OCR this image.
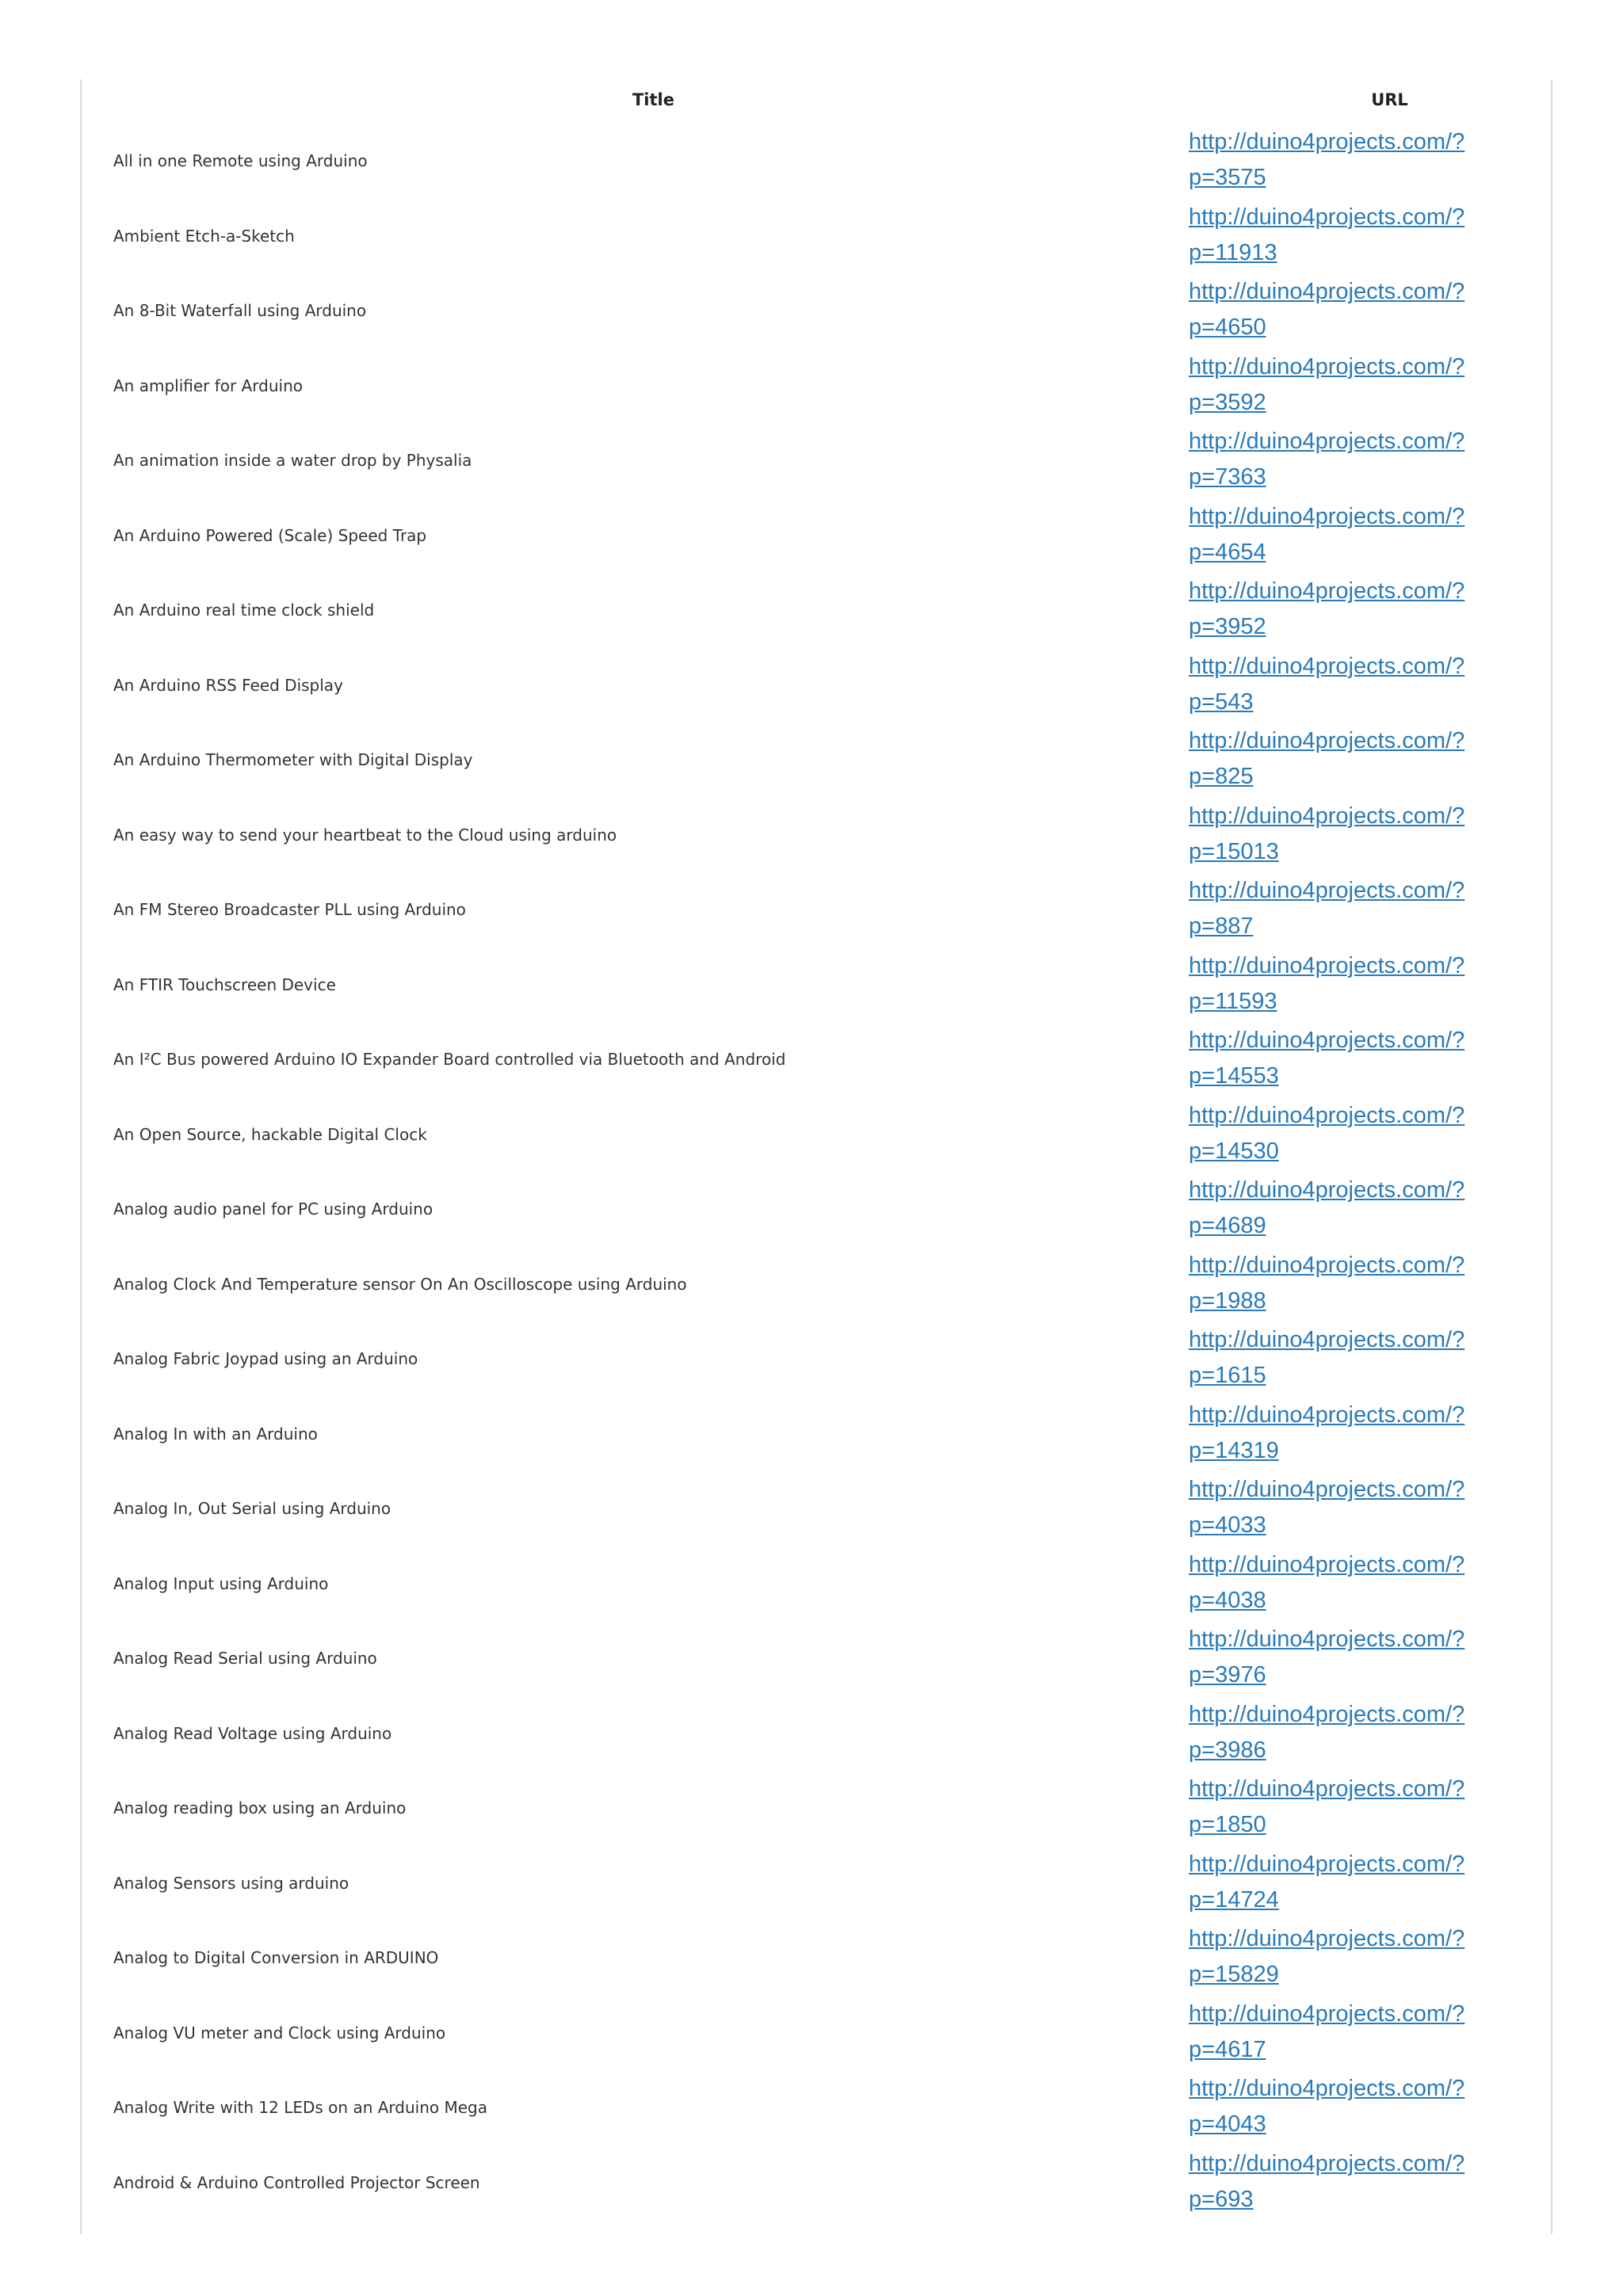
Title	URL
All in one Remote using Arduino
http://duino4projects.com/?
p=3575
Ambient Etch-a-Sketch
http://duino4projects.com/?
p=11913
An 8-Bit Waterfall using Arduino
http://duino4projects.com/?
p=4650
An amplifier for Arduino
http://duino4projects.com/?
p=3592
An animation inside a water drop by Physalia
http://duino4projects.com/?
p=7363
An Arduino Powered (Scale) Speed Trap
http://duino4projects.com/?
p=4654
An Arduino real time clock shield
http://duino4projects.com/?
p=3952
An Arduino RSS Feed Display
http://duino4projects.com/?
p=543
An Arduino Thermometer with Digital Display
http://duino4projects.com/?
p=825
An easy way to send your heartbeat to the Cloud using arduino
http://duino4projects.com/?
p=15013
An FM Stereo Broadcaster PLL using Arduino
http://duino4projects.com/?
p=887
An FTIR Touchscreen Device
http://duino4projects.com/?
p=11593
An I²C Bus powered Arduino IO Expander Board controlled via Bluetooth and Android
http://duino4projects.com/?
p=14553
An Open Source, hackable Digital Clock
http://duino4projects.com/?
p=14530
Analog audio panel for PC using Arduino
http://duino4projects.com/?
p=4689
Analog Clock And Temperature sensor On An Oscilloscope using Arduino
http://duino4projects.com/?
p=1988
Analog Fabric Joypad using an Arduino
http://duino4projects.com/?
p=1615
Analog In with an Arduino
http://duino4projects.com/?
p=14319
Analog In, Out Serial using Arduino
http://duino4projects.com/?
p=4033
Analog Input using Arduino
http://duino4projects.com/?
p=4038
Analog Read Serial using Arduino
http://duino4projects.com/?
p=3976
Analog Read Voltage using Arduino
http://duino4projects.com/?
p=3986
Analog reading box using an Arduino
http://duino4projects.com/?
p=1850
Analog Sensors using arduino
http://duino4projects.com/?
p=14724
Analog to Digital Conversion in ARDUINO
http://duino4projects.com/?
p=15829
Analog VU meter and Clock using Arduino
http://duino4projects.com/?
p=4617
Analog Write with 12 LEDs on an Arduino Mega
http://duino4projects.com/?
p=4043
Android & Arduino Controlled Projector Screen
http://duino4projects.com/?
p=693
